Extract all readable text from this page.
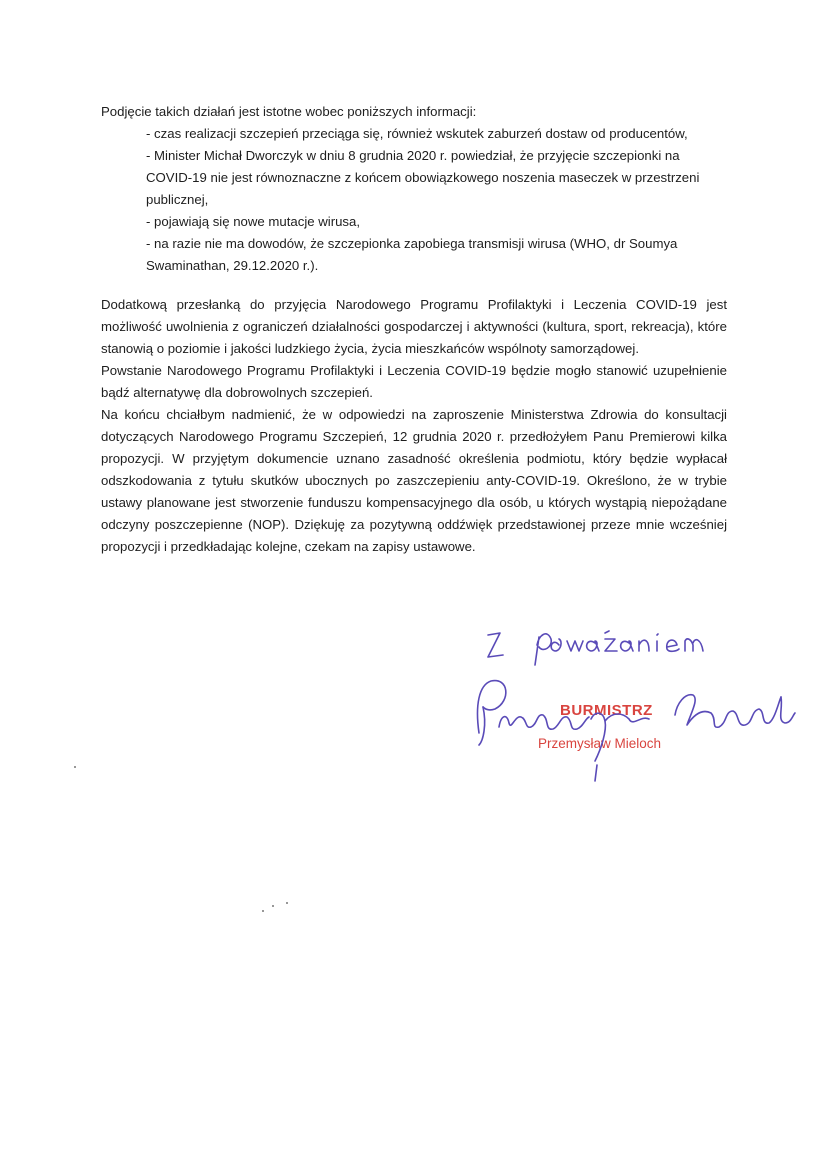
Podjęcie takich działań jest istotne wobec poniższych informacji:
- czas realizacji szczepień przeciąga się, również wskutek zaburzeń dostaw od producentów,
- Minister Michał Dworczyk w dniu 8 grudnia 2020 r. powiedział, że przyjęcie szczepionki na
COVID-19 nie jest równoznaczne z końcem obowiązkowego noszenia maseczek w przestrzeni
publicznej,
- pojawiają się nowe mutacje wirusa,
- na razie nie ma dowodów, że szczepionka zapobiega transmisji wirusa (WHO, dr Soumya
Swaminathan, 29.12.2020 r.).

Dodatkową przesłanką do przyjęcia Narodowego Programu Profilaktyki i Leczenia COVID-19 jest możliwość uwolnienia z ograniczeń działalności gospodarczej i aktywności (kultura, sport, rekreacja), które stanowią o poziomie i jakości ludzkiego życia, życia mieszkańców wspólnoty samorządowej.

Powstanie Narodowego Programu Profilaktyki i Leczenia COVID-19 będzie mogło stanowić uzupełnienie bądź alternatywę dla dobrowolnych szczepień.

Na końcu chciałbym nadmienić, że w odpowiedzi na zaproszenie Ministerstwa Zdrowia do konsultacji dotyczących Narodowego Programu Szczepień, 12 grudnia 2020 r. przedłożyłem Panu Premierowi kilka propozycji. W przyjętym dokumencie uznano zasadność określenia podmiotu, który będzie wypłacał odszkodowania z tytułu skutków ubocznych po zaszczepieniu anty-COVID-19. Określono, że w trybie ustawy planowane jest stworzenie funduszu kompensacyjnego dla osób, u których wystąpią niepożądane odczyny poszczepienne (NOP). Dziękuję za pozytywną oddźwięk przedstawionej przeze mnie wcześniej propozycji i przedkładając kolejne, czekam na zapisy ustawowe.

BURMISTRZ
Przemysław Mieloch
